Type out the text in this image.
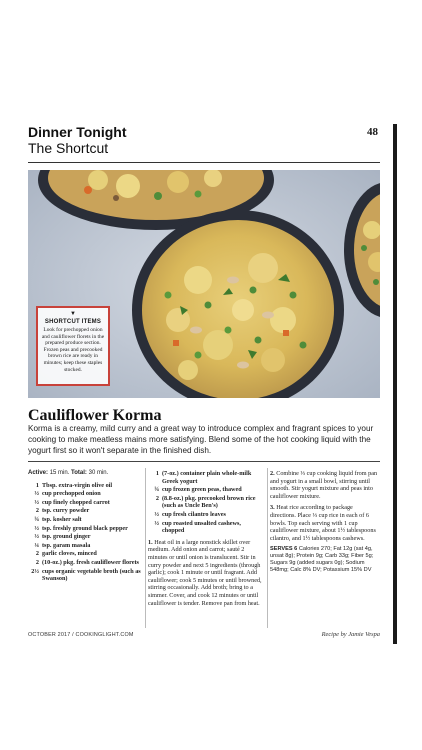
Dinner Tonight
The Shortcut
48
▼
SHORTCUT ITEMS
Look for prechopped onion and cauliflower florets in the prepared produce section. Frozen peas and precooked brown rice are ready in minutes; keep these staples stocked.
Cauliflower Korma
Korma is a creamy, mild curry and a great way to introduce complex and fragrant spices to your cooking to make meatless mains more satisfying. Blend some of the hot cooking liquid with the yogurt first so it won't separate in the finished dish.
Active: 15 min. Total: 30 min.
1 Tbsp. extra-virgin olive oil
½ cup prechopped onion
½ cup finely chopped carrot
2 tsp. curry powder
¾ tsp. kosher salt
½ tsp. freshly ground black pepper
½ tsp. ground ginger
¼ tsp. garam masala
2 garlic cloves, minced
2 (10-oz.) pkg. fresh cauliflower florets
2½ cups organic vegetable broth (such as Swanson)
1 (7-oz.) container plain whole-milk Greek yogurt
¾ cup frozen green peas, thawed
2 (8.8-oz.) pkg. precooked brown rice (such as Uncle Ben's)
½ cup fresh cilantro leaves
½ cup roasted unsalted cashews, chopped
1. Heat oil in a large nonstick skillet over medium. Add onion and carrot; sauté 2 minutes or until onion is translucent. Stir in curry powder and next 5 ingredients (through garlic); cook 1 minute or until fragrant. Add cauliflower; cook 5 minutes or until browned, stirring occasionally. Add broth; bring to a simmer. Cover, and cook 12 minutes or until cauliflower is tender. Remove pan from heat.
2. Combine ⅓ cup cooking liquid from pan and yogurt in a small bowl, stirring until smooth. Stir yogurt mixture and peas into cauliflower mixture.
3. Heat rice according to package directions. Place ⅓ cup rice in each of 6 bowls. Top each serving with 1 cup cauliflower mixture, about 1½ tablespoons cilantro, and 1½ tablespoons cashews.
SERVES 6 Calories 270; Fat 12g (sat 4g, unsat 8g); Protein 9g; Carb 33g; Fiber 5g; Sugars 9g (added sugars 0g); Sodium 548mg; Calc 8% DV; Potassium 15% DV
OCTOBER 2017 / COOKINGLIGHT.COM	Recipe by Jamie Vespa
